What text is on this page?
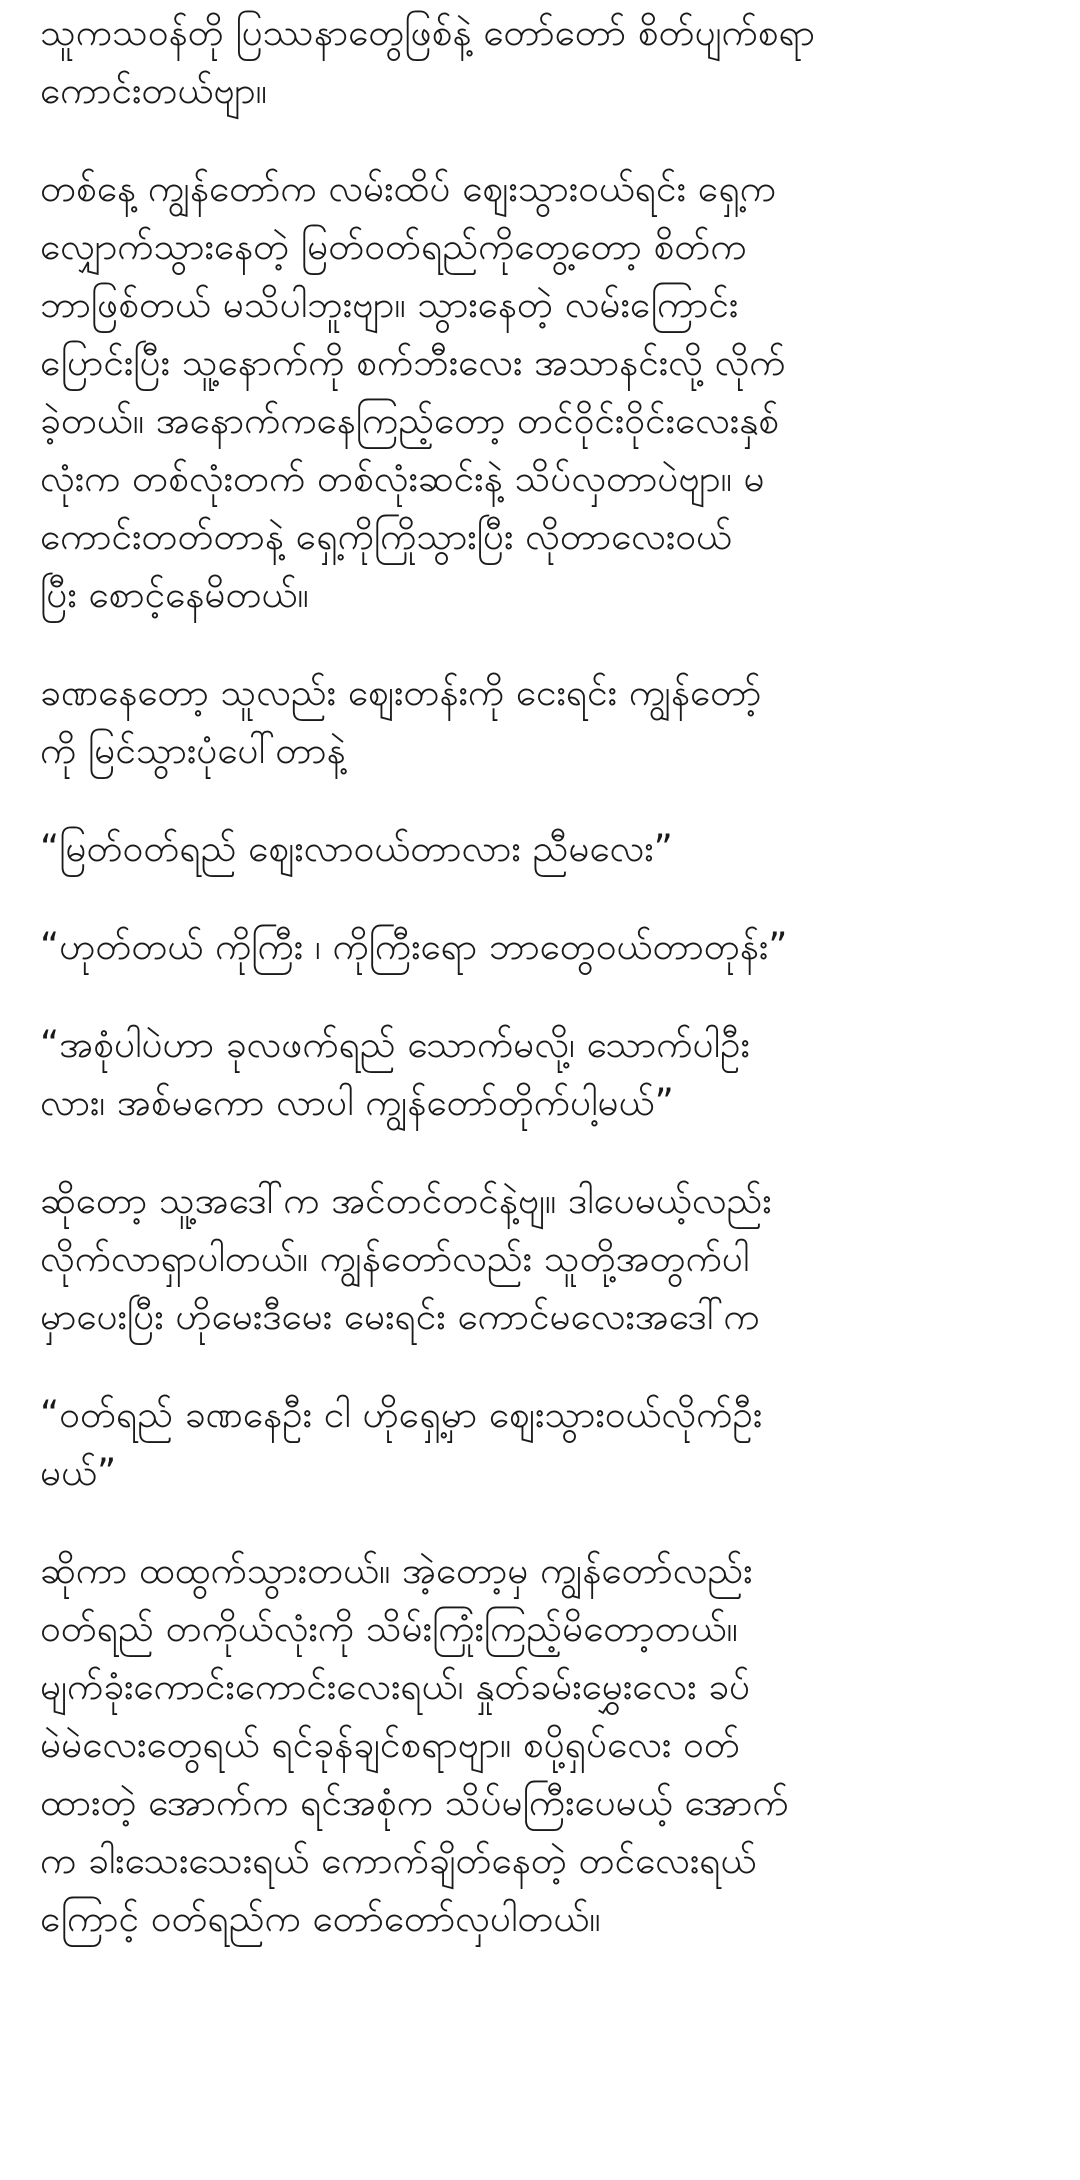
သူကသဝန်တို ပြဿနာတွေဖြစ်နဲ့ တော်တော် စိတ်ပျက်စရာ
ကောင်းတယ်ဗျာ။

တစ်နေ့ ကျွန်တော်က လမ်းထိပ် ဈေးသွားဝယ်ရင်း ရှေ့က
လျှောက်သွားနေတဲ့ မြတ်ဝတ်ရည်ကိုတွေ့တော့ စိတ်က
ဘာဖြစ်တယ် မသိပါဘူးဗျာ။ သွားနေတဲ့ လမ်းကြောင်း
ပြောင်းပြီး သူ့နောက်ကို စက်ဘီးလေး အသာနင်းလို့ လိုက်
ခဲ့တယ်။ အနောက်ကနေကြည့်တော့ တင်ဝိုင်းဝိုင်းလေးနှစ်
လုံးက တစ်လုံးတက် တစ်လုံးဆင်းနဲ့ သိပ်လှတာပဲဗျာ။ မ
ကောင်းတတ်တာနဲ့ ရှေ့ကိုကြိုသွားပြီး လိုတာလေးဝယ်
ပြီး စောင့်နေမိတယ်။

ခဏနေတော့ သူလည်း ဈေးတန်းကို ငေးရင်း ကျွန်တော့်
ကို မြင်သွားပုံပေါ်တာနဲ့

“မြတ်ဝတ်ရည် ဈေးလာဝယ်တာလား ညီမလေး”

“ဟုတ်တယ် ကိုကြီး ၊ ကိုကြီးရော ဘာတွေဝယ်တာတုန်း”

“အစုံပါပဲဟာ ခုလဖက်ရည် သောက်မလို့၊ သောက်ပါဦး
လား၊ အစ်မကော လာပါ ကျွန်တော်တိုက်ပါ့မယ်”

ဆိုတော့ သူ့အဒေါ်က အင်တင်တင်နဲ့ဗျ။ ဒါပေမယ့်လည်း
လိုက်လာရှာပါတယ်။ ကျွန်တော်လည်း သူတို့အတွက်ပါ
မှာပေးပြီး ဟိုမေးဒီမေး မေးရင်း ကောင်မလေးအဒေါ်က

“ဝတ်ရည် ခဏနေဦး ငါ ဟိုရှေ့မှာ ဈေးသွားဝယ်လိုက်ဦး
မယ်”

ဆိုကာ ထထွက်သွားတယ်။ အဲ့တော့မှ ကျွန်တော်လည်း
ဝတ်ရည် တကိုယ်လုံးကို သိမ်းကြုံးကြည့်မိတော့တယ်။
မျက်ခုံးကောင်းကောင်းလေးရယ်၊ နှုတ်ခမ်းမွှေးလေး ခပ်
မဲမဲလေးတွေရယ် ရင်ခုန်ချင်စရာဗျာ။ စပို့ရှပ်လေး ဝတ်
ထားတဲ့ အောက်က ရင်အစုံက သိပ်မကြီးပေမယ့် အောက်
က ခါးသေးသေးရယ် ကောက်ချိတ်နေတဲ့ တင်လေးရယ်
ကြောင့် ဝတ်ရည်က တော်တော်လှပါတယ်။
